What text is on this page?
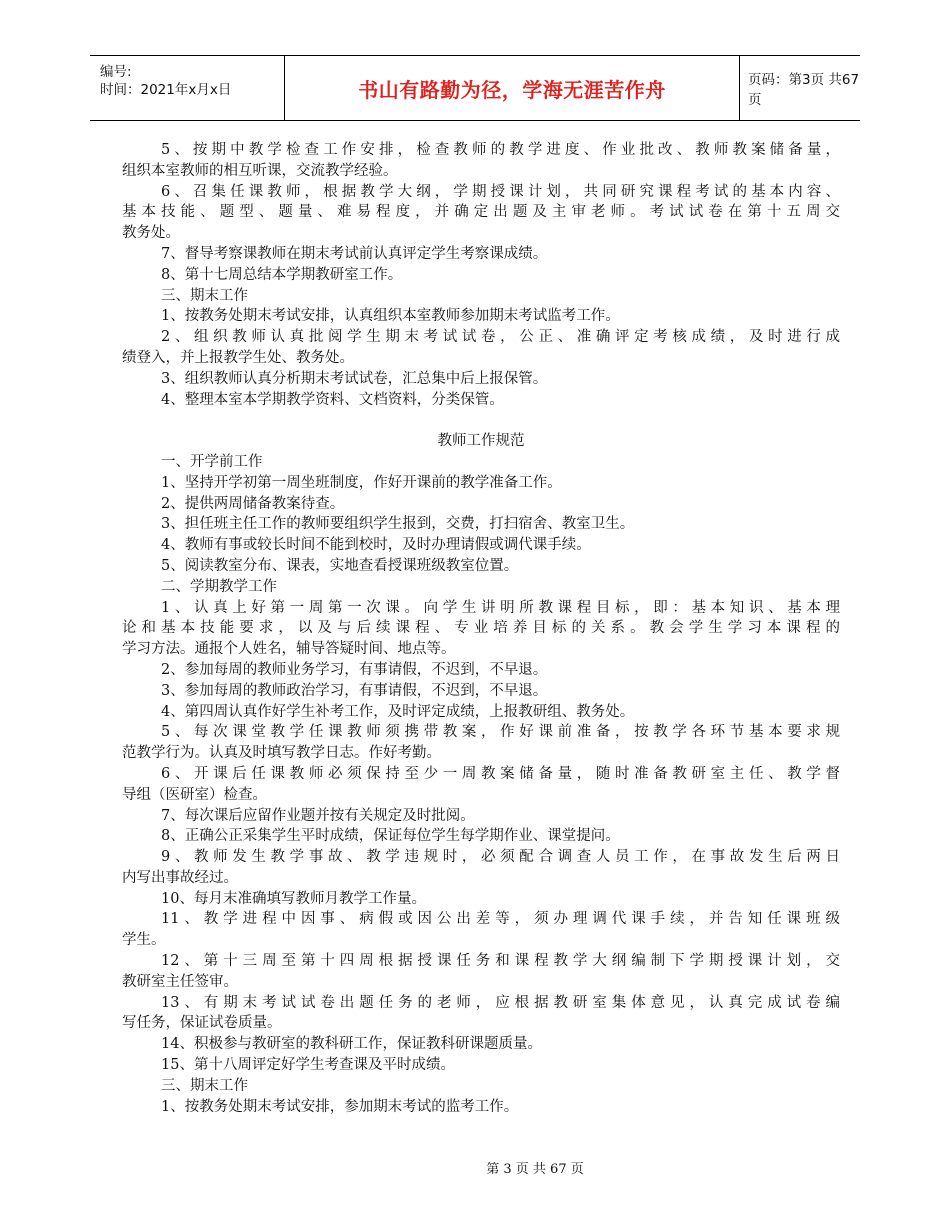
编号:
时间：2021年x月x日	书山有路勤为径，学海无涯苦作舟	页码：第3页 共67页
5、按期中教学检查工作安排，检查教师的教学进度、作业批改、教师教案储备量，
组织本室教师的相互听课，交流教学经验。
6、召集任课教师，根据教学大纲，学期授课计划，共同研究课程考试的基本内容、
基本技能、题型、题量、难易程度，并确定出题及主审老师。考试试卷在第十五周交
教务处。
7、督导考察课教师在期末考试前认真评定学生考察课成绩。
8、第十七周总结本学期教研室工作。
三、期末工作
1、按教务处期末考试安排，认真组织本室教师参加期末考试监考工作。
2、组织教师认真批阅学生期末考试试卷，公正、准确评定考核成绩，及时进行成
绩登入，并上报教学生处、教务处。
3、组织教师认真分析期末考试试卷，汇总集中后上报保管。
4、整理本室本学期教学资料、文档资料，分类保管。
教师工作规范
一、开学前工作
1、坚持开学初第一周坐班制度，作好开课前的教学准备工作。
2、提供两周储备教案待查。
3、担任班主任工作的教师要组织学生报到，交费，打扫宿舍、教室卫生。
4、教师有事或较长时间不能到校时，及时办理请假或调代课手续。
5、阅读教室分布、课表，实地查看授课班级教室位置。
二、学期教学工作
1、认真上好第一周第一次课。向学生讲明所教课程目标，即：基本知识、基本理
论和基本技能要求，以及与后续课程、专业培养目标的关系。教会学生学习本课程的
学习方法。通报个人姓名，辅导答疑时间、地点等。
2、参加每周的教师业务学习，有事请假，不迟到，不早退。
3、参加每周的教师政治学习，有事请假，不迟到，不早退。
4、第四周认真作好学生补考工作，及时评定成绩，上报教研组、教务处。
5、每次课堂教学任课教师须携带教案，作好课前准备，按教学各环节基本要求规
范教学行为。认真及时填写教学日志。作好考勤。
6、开课后任课教师必须保持至少一周教案储备量，随时准备教研室主任、教学督
导组（医研室）检查。
7、每次课后应留作业题并按有关规定及时批阅。
8、正确公正采集学生平时成绩，保证每位学生每学期作业、课堂提问。
9、教师发生教学事故、教学违规时，必须配合调查人员工作，在事故发生后两日
内写出事故经过。
10、每月末准确填写教师月教学工作量。
11、教学进程中因事、病假或因公出差等，须办理调代课手续，并告知任课班级
学生。
12、第十三周至第十四周根据授课任务和课程教学大纲编制下学期授课计划，交
教研室主任签审。
13、有期末考试试卷出题任务的老师，应根据教研室集体意见，认真完成试卷编
写任务，保证试卷质量。
14、积极参与教研室的教科研工作，保证教科研课题质量。
15、第十八周评定好学生考查课及平时成绩。
三、期末工作
1、按教务处期末考试安排，参加期末考试的监考工作。
第 3 页 共 67 页
